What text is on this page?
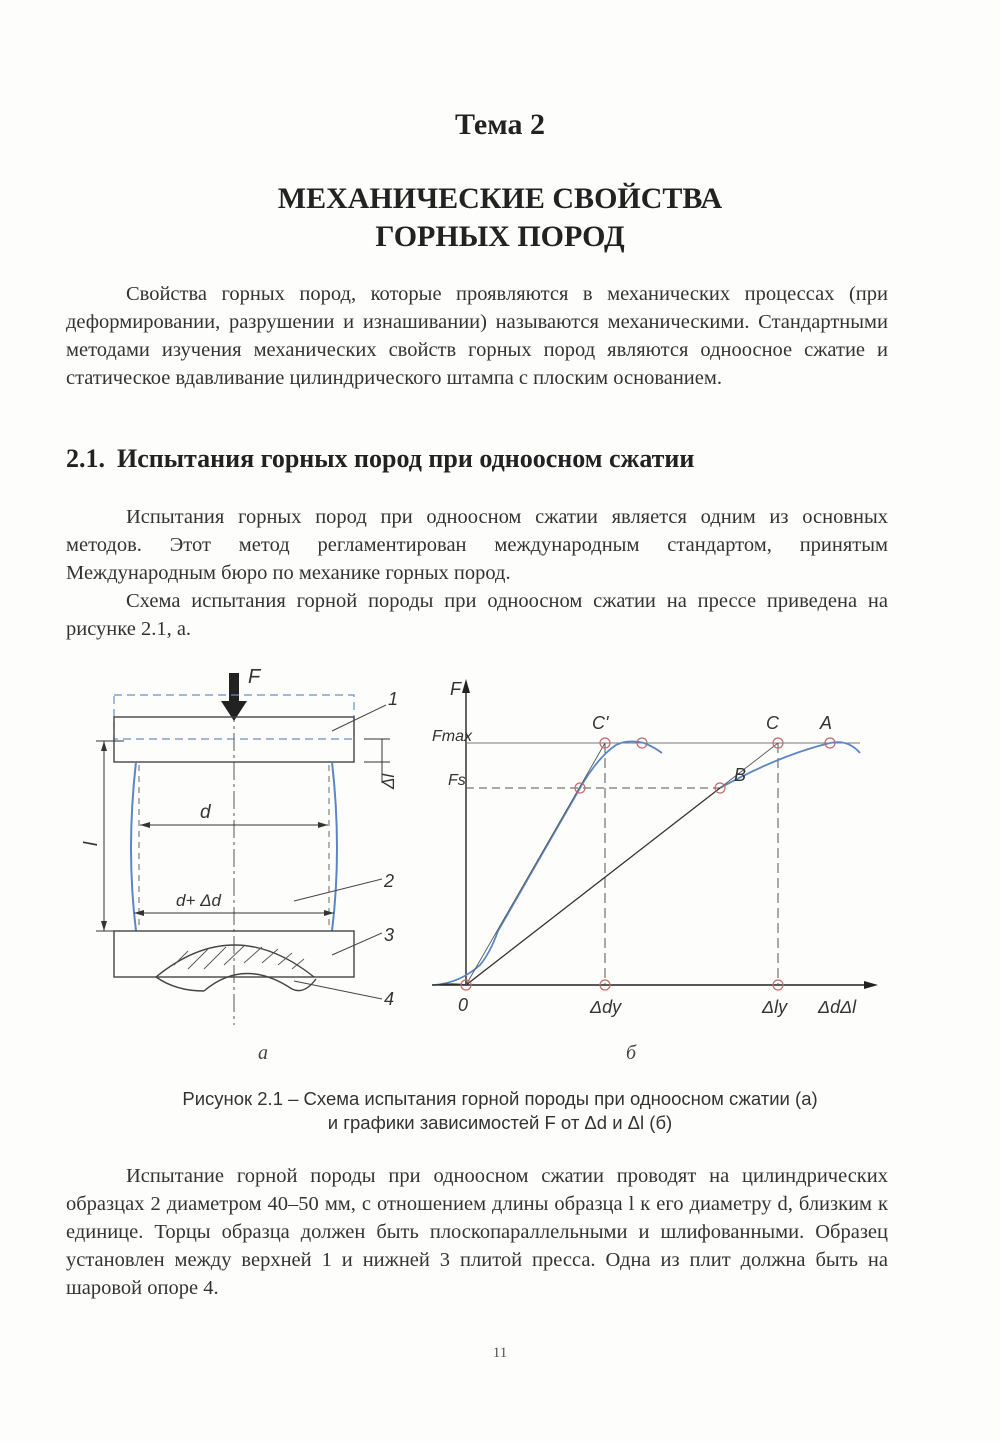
Тема 2
МЕХАНИЧЕСКИЕ СВОЙСТВА
ГОРНЫХ ПОРОД

Свойства горных пород, которые проявляются в механических процессах (при деформировании, разрушении и изнашивании) называются механическими. Стандартными методами изучения механических свойств горных пород являются одноосное сжатие и статическое вдавливание цилиндрического штампа с плоским основанием.

2.1. Испытания горных пород при одноосном сжатии

Испытания горных пород при одноосном сжатии является одним из основных методов. Этот метод регламентирован международным стандартом, принятым Международным бюро по механике горных пород.

Схема испытания горной породы при одноосном сжатии на прессе приведена на рисунке 2.1, а.

F
d
d+ Δd
l
Δl
1
2
3
4
F
Fmax
Fs
C'	C A
B
0	Δdy	Δly ΔdΔl
а	б
Рисунок 2.1 – Схема испытания горной породы при одноосном сжатии (а)
и графики зависимостей F от Δd и Δl (б)

Испытание горной породы при одноосном сжатии проводят на цилиндрических образцах 2 диаметром 40–50 мм, с отношением длины образца l к его диаметру d, близким к единице. Торцы образца должен быть плоскопараллельными и шлифованными. Образец установлен между верхней 1 и нижней 3 плитой пресса. Одна из плит должна быть на шаровой опоре 4.

11
